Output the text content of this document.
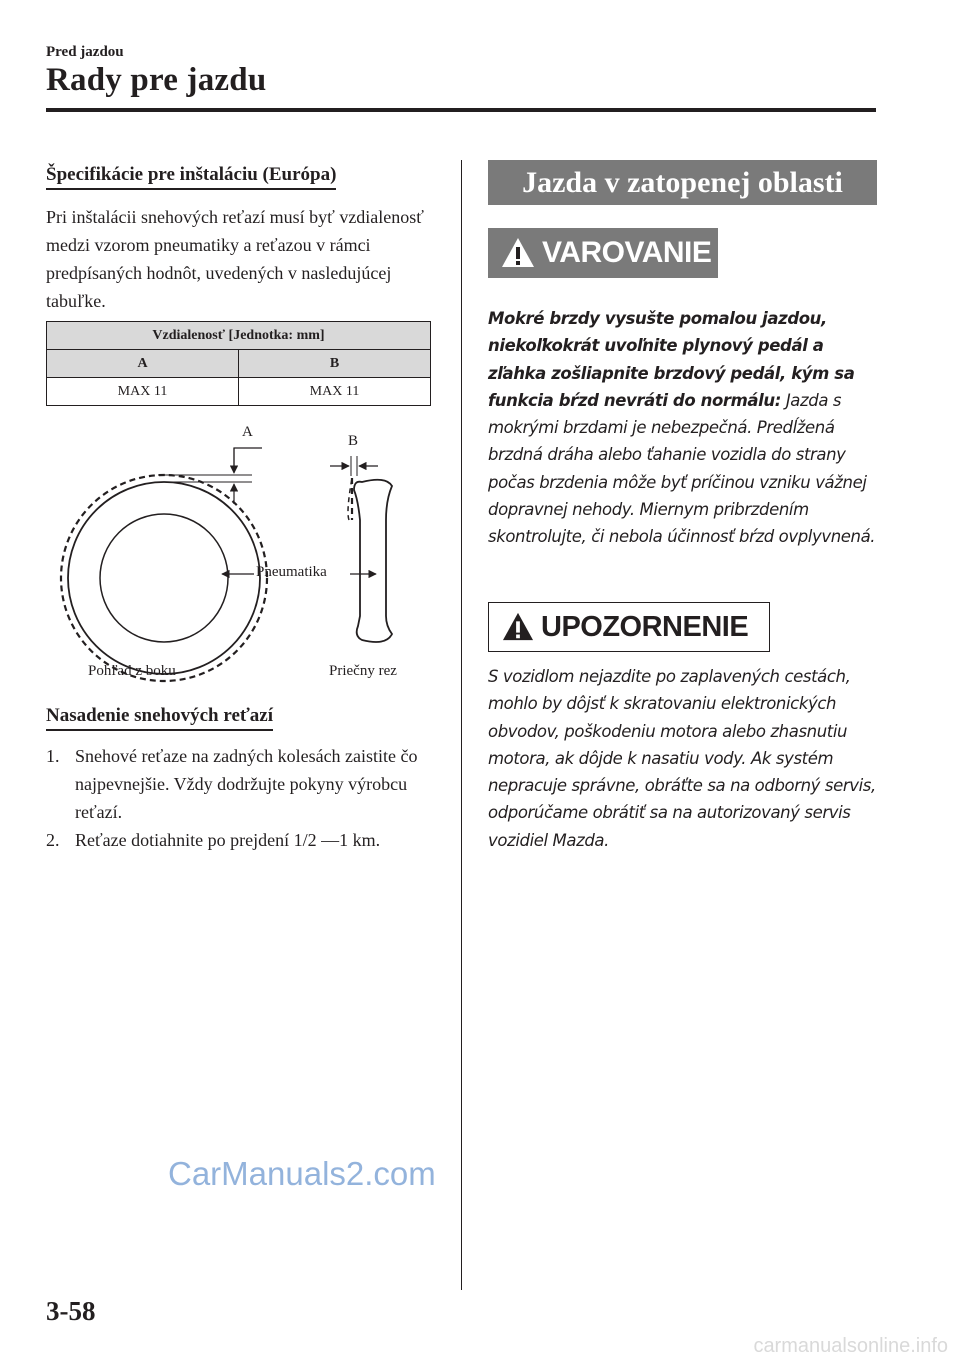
Pred jazdou
Rady pre jazdu
Špecifikácie pre inštaláciu (Európa)
Pri inštalácii snehových reťazí musí byť vzdialenosť medzi vzorom pneumatiky a reťazou v rámci predpísaných hodnôt, uvedených v nasledujúcej tabuľke.
Vzdialenosť [Jednotka: mm]	
A	B
MAX 11	MAX 11
A
B
Pneumatika
Pohľad z boku	Priečny rez
Nasadenie snehových reťazí
1. Snehové reťaze na zadných kolesách zaistite čo najpevnejšie. Vždy dodržujte pokyny výrobcu reťazí.
2. Reťaze dotiahnite po prejdení 1/2 —1 km.
Jazda v zatopenej oblasti
VAROVANIE
Mokré brzdy vysušte pomalou jazdou, niekoľkokrát uvoľnite plynový pedál a zľahka zošliapnite brzdový pedál, kým sa funkcia bŕzd nevráti do normálu: Jazda s mokrými brzdami je nebezpečná. Predĺžená brzdná dráha alebo ťahanie vozidla do strany počas brzdenia môže byť príčinou vzniku vážnej dopravnej nehody. Miernym pribrzdením skontrolujte, či nebola účinnosť bŕzd ovplyvnená.
UPOZORNENIE
S vozidlom nejazdite po zaplavených cestách, mohlo by dôjsť k skratovaniu elektronických obvodov, poškodeniu motora alebo zhasnutiu motora, ak dôjde k nasatiu vody. Ak systém nepracuje správne, obráťte sa na odborný servis, odporúčame obrátiť sa na autorizovaný servis vozidiel Mazda.
CarManuals2.com
3-58
carmanualsonline.info
